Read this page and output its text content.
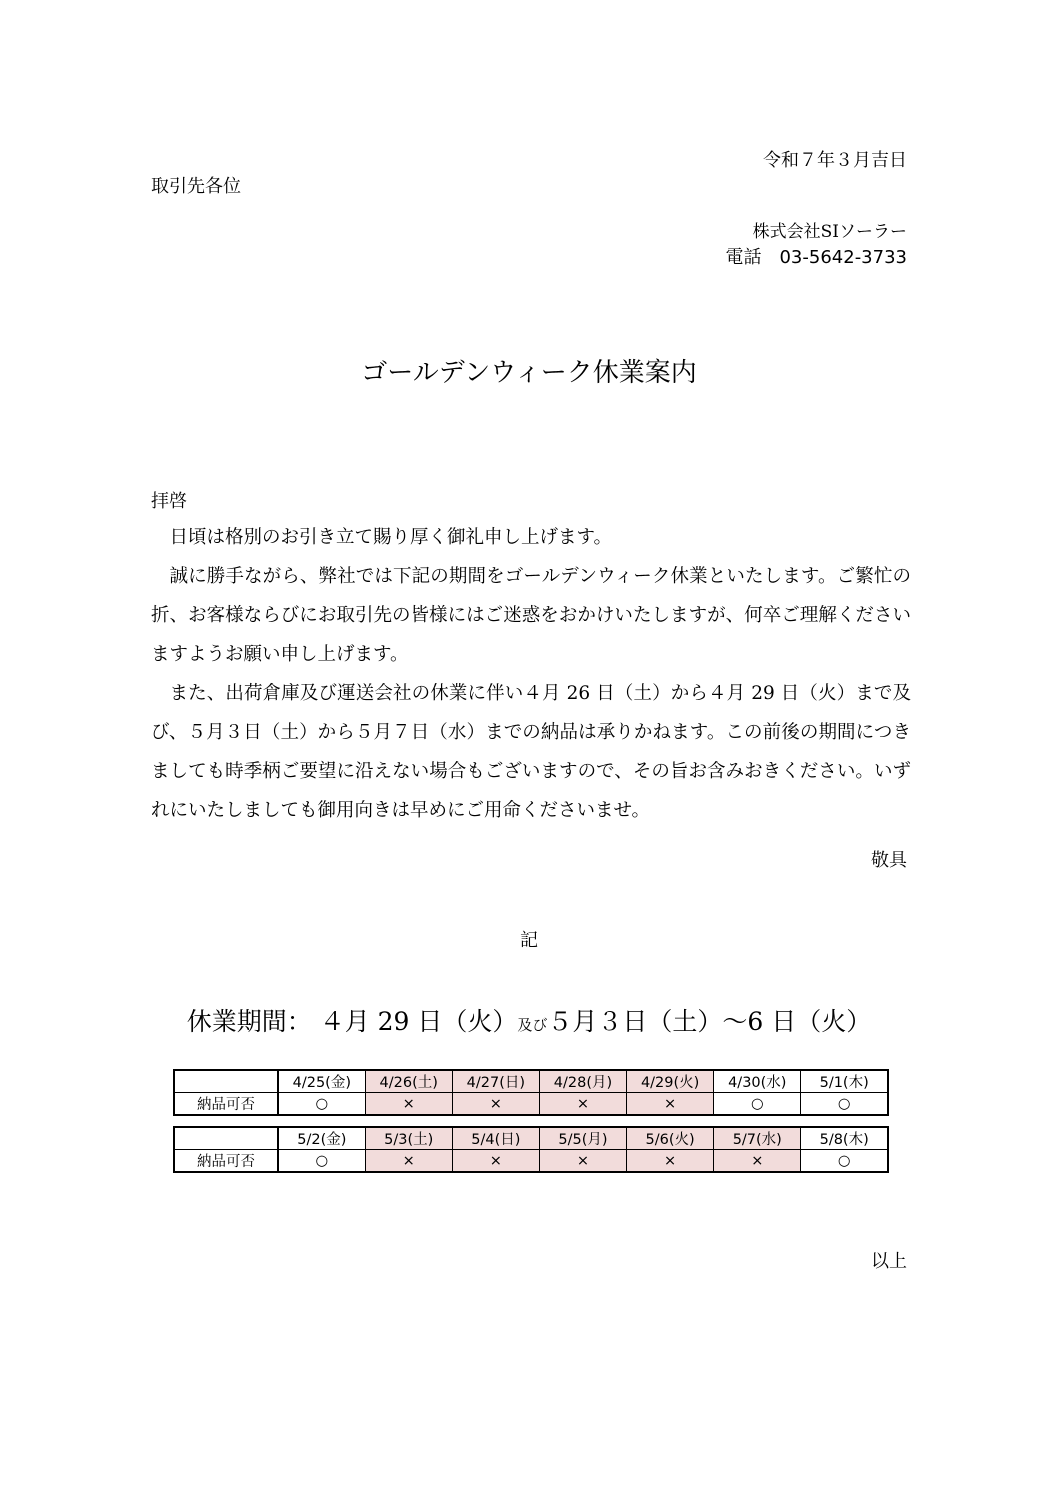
令和７年３月吉日
取引先各位
株式会社SIソーラー
電話　03-5642-3733
ゴールデンウィーク休業案内
拝啓

日頃は格別のお引き立て賜り厚く御礼申し上げます。

誠に勝手ながら、弊社では下記の期間をゴールデンウィーク休業といたします。ご繁忙の折、お客様ならびにお取引先の皆様にはご迷惑をおかけいたしますが、何卒ご理解くださいますようお願い申し上げます。

また、出荷倉庫及び運送会社の休業に伴い４月 26 日（土）から４月 29 日（火）まで及び、５月３日（土）から５月７日（水）までの納品は承りかねます。この前後の期間につきましても時季柄ご要望に沿えない場合もございますので、その旨お含みおきください。いずれにいたしましても御用向きは早めにご用命くださいませ。

敬具
記
休業期間： ４月 29 日（火）及び５月３日（土）～6 日（火）
	4/25(金)	4/26(土)	4/27(日)	4/28(月)	4/29(火)	4/30(水)	5/1(木)
納品可否	○	×	×	×	×	○	○
	5/2(金)	5/3(土)	5/4(日)	5/5(月)	5/6(火)	5/7(水)	5/8(木)
納品可否	○	×	×	×	×	×	○
以上
